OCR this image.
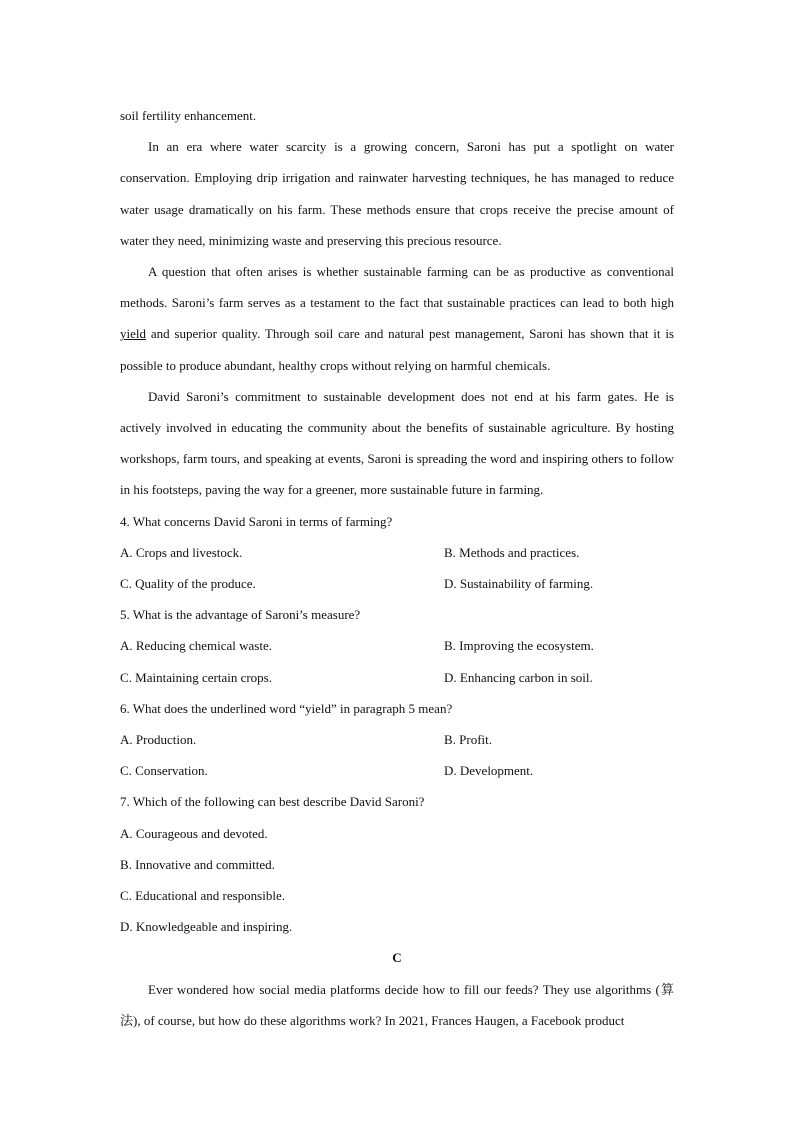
soil fertility enhancement.

In an era where water scarcity is a growing concern, Saroni has put a spotlight on water conservation. Employing drip irrigation and rainwater harvesting techniques, he has managed to reduce water usage dramatically on his farm. These methods ensure that crops receive the precise amount of water they need, minimizing waste and preserving this precious resource.

A question that often arises is whether sustainable farming can be as productive as conventional methods. Saroni’s farm serves as a testament to the fact that sustainable practices can lead to both high yield and superior quality. Through soil care and natural pest management, Saroni has shown that it is possible to produce abundant, healthy crops without relying on harmful chemicals.

David Saroni’s commitment to sustainable development does not end at his farm gates. He is actively involved in educating the community about the benefits of sustainable agriculture. By hosting workshops, farm tours, and speaking at events, Saroni is spreading the word and inspiring others to follow in his footsteps, paving the way for a greener, more sustainable future in farming.

4. What concerns David Saroni in terms of farming?

A. Crops and livestock.	B. Methods and practices.
C. Quality of the produce.	D. Sustainability of farming.

5. What is the advantage of Saroni’s measure?

A. Reducing chemical waste.	B. Improving the ecosystem.
C. Maintaining certain crops.	D. Enhancing carbon in soil.

6. What does the underlined word “yield” in paragraph 5 mean?

A. Production.	B. Profit.
C. Conservation.	D. Development.

7. Which of the following can best describe David Saroni?

A. Courageous and devoted.

B. Innovative and committed.

C. Educational and responsible.

D. Knowledgeable and inspiring.

C

Ever wondered how social media platforms decide how to fill our feeds? They use algorithms (算法), of course, but how do these algorithms work? In 2021, Frances Haugen, a Facebook product
